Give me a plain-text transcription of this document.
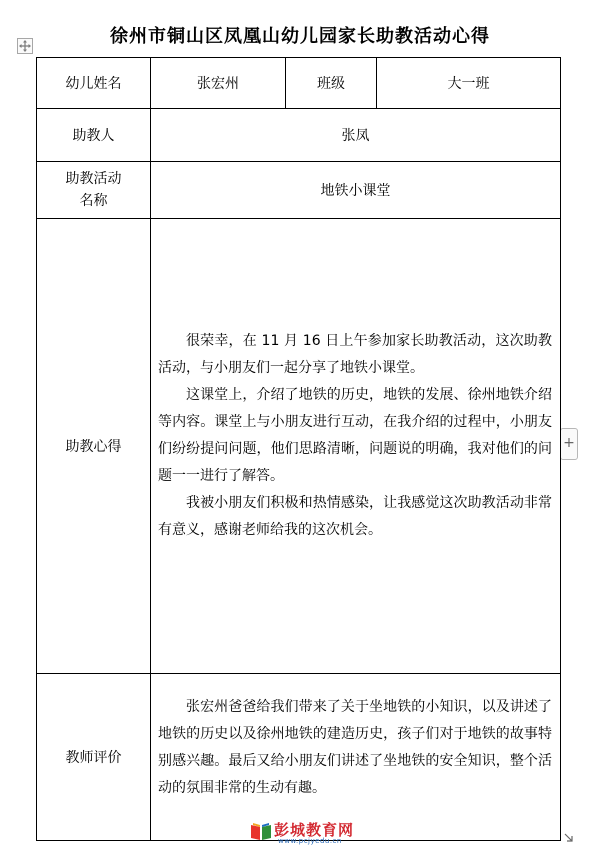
徐州市铜山区凤凰山幼儿园家长助教活动心得
+
幼儿姓名	张宏州	班级	大一班
助教人	张凤		

助教活动
名称	地铁小课堂		
助教心得	很荣幸，在 11 月 16 日上午参加家长助教活动，这次助教活动，与小朋友们一起分享了地铁小课堂。

这课堂上，介绍了地铁的历史，地铁的发展、徐州地铁介绍等内容。课堂上与小朋友进行互动，在我介绍的过程中，小朋友们纷纷提问问题，他们思路清晰，问题说的明确，我对他们的问题一一进行了解答。

我被小朋友们积极和热情感染，让我感觉这次助教活动非常有意义，感谢老师给我的这次机会。		

教师评价	张宏州爸爸给我们带来了关于坐地铁的小知识，以及讲述了地铁的历史以及徐州地铁的建造历史，孩子们对于地铁的故事特别感兴趣。最后又给小朋友们讲述了坐地铁的安全知识，整个活动的氛围非常的生动有趣。		

彭城教育网
www.pcjyedu.cn
